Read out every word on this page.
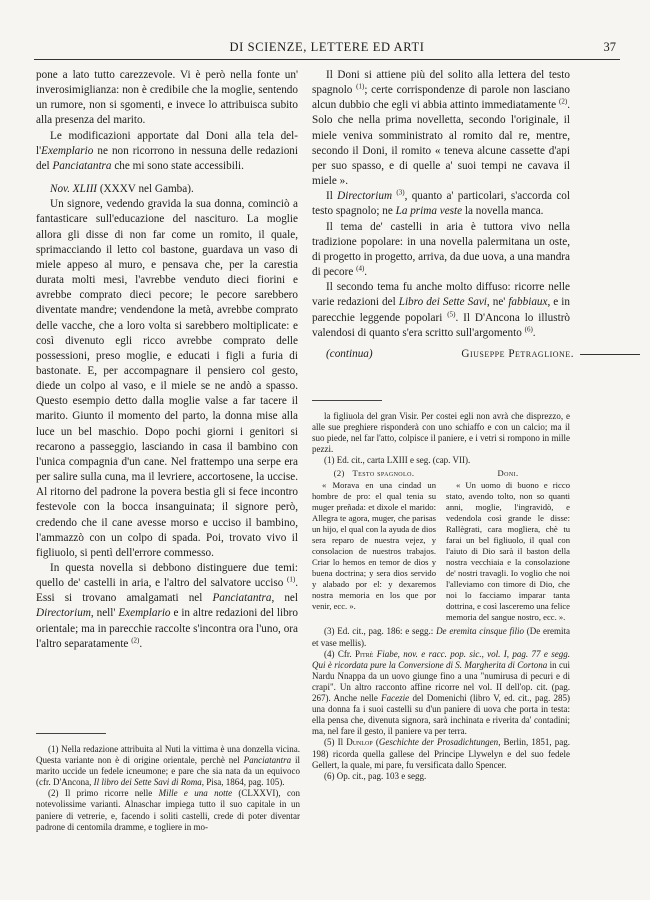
DI SCIENZE, LETTERE ED ARTI	37

pone a lato tutto carezzevole. Vi è però nella fonte un' inverosimiglianza: non è credibile che la moglie, sentendo un rumore, non si sgomenti, e invece lo attribuisca subito alla presenza del marito.

Le modificazioni apportate dal Doni alla tela del-l'Exemplario ne non ricorrono in nessuna delle redazioni del Panciatantra che mi sono state accessibili.

Nov. XLIII (XXXV nel Gamba).

Un signore, vedendo gravida la sua donna, cominciò a fantasticare sull'educazione del nascituro. La moglie allora gli disse di non far come un romito, il quale, sprimacciando il letto col bastone, guardava un vaso di miele appeso al muro, e pensava che, per la carestia durata molti mesi, l'avrebbe venduto dieci fiorini e avrebbe comprato dieci pecore; le pecore sarebbero diventate mandre; vendendone la metà, avrebbe comprato delle vacche, che a loro volta si sarebbero moltiplicate: e così divenuto egli ricco avrebbe comprato delle possessioni, preso moglie, e educati i figli a furia di bastonate. E, per accompagnare il pensiero col gesto, diede un colpo al vaso, e il miele se ne andò a spasso. Questo esempio detto dalla moglie valse a far tacere il marito. Giunto il momento del parto, la donna mise alla luce un bel maschio. Dopo pochi giorni i genitori si recarono a passeggio, lasciando in casa il bambino con l'unica compagnia d'un cane. Nel frattempo una serpe era per salire sulla cuna, ma il levriere, accortosene, la uccise. Al ritorno del padrone la povera bestia gli si fece incontro festevole con la bocca insanguinata; il signore però, credendo che il cane avesse morso e ucciso il bambino, l'ammazzò con un colpo di spada. Poi, trovato vivo il figliuolo, si pentì dell'errore commesso.

In questa novella si debbono distinguere due temi: quello de' castelli in aria, e l'altro del salvatore ucciso $^{(1)}$. Essi si trovano amalgamati nel Panciatantra, nel Directorium, nell' Exemplario e in altre redazioni del libro orientale; ma in parecchie raccolte s'incontra ora l'uno, ora l'altro separatamente $^{(2)}$.

(1) Nella redazione attribuita al Nuti la vittima è una donzella vicina. Questa variante non è di origine orientale, perchè nel Panciatantra il marito uccide un fedele icneumone; e pare che sia nata da un equivoco (cfr. D'Ancona, Il libro dei Sette Savi di Roma, Pisa, 1864, pag. 105).

(2) Il primo ricorre nelle Mille e una notte (CLXXVI), con notevolissime varianti. Alnaschar impiega tutto il suo capitale in un paniere di vetrerie, e, facendo i soliti castelli, crede di poter diventar padrone di centomila dramme, e togliere in mo-

Il Doni si attiene più del solito alla lettera del testo spagnolo $^{(1)}$; certe corrispondenze di parole non lasciano alcun dubbio che egli vi abbia attinto immediatamente $^{(2)}$. Solo che nella prima novelletta, secondo l'originale, il miele veniva somministrato al romito dal re, mentre, secondo il Doni, il romito « teneva alcune cassette d'api per suo spasso, e di quelle a' suoi tempi ne cavava il miele ».

Il Directorium $^{(3)}$, quanto a' particolari, s'accorda col testo spagnolo; ne La prima veste la novella manca.

Il tema de' castelli in aria è tuttora vivo nella tradizione popolare: in una novella palermitana un oste, di progetto in progetto, arriva, da due uova, a una mandra di pecore $^{(4)}$.

Il secondo tema fu anche molto diffuso: ricorre nelle varie redazioni del Libro dei Sette Savi, ne' fabbiaux, e in parecchie leggende popolari $^{(5)}$. Il D'Ancona lo illustrò valendosi di quanto s'era scritto sull'argomento $^{(6)}$.

(continua)	Giuseppe Petraglione.

la figliuola del gran Visir. Per costei egli non avrà che disprezzo, e alle sue preghiere risponderà con uno schiaffo e con un calcio; ma il suo piede, nel far l'atto, colpisce il paniere, e i vetri si rompono in mille pezzi.

(1) Ed. cit., carta LXIII e seg. (cap. VII).

(2) Testo spagnolo.

« Morava en una cindad un hombre de pro: el qual tenia su muger preñada: et dixole el marido: Allegra te agora, muger, che parisas un hijo, el qual con la ayuda de dios sera reparo de nuestra vejez, y consolacion de nuestros trabajos. Criar lo hemos en temor de dios y buena doctrina; y sera dios servido y alabado por el: y dexaremos nostra memoria en los que por venir, ecc. ».

Doni.

« Un uomo di buono e ricco stato, avendo tolto, non so quanti anni, moglie, l'ingravidò, e vedendola così grande le disse: Rallègrati, cara mogliera, chè tu farai un bel figliuolo, il qual con l'aiuto di Dio sarà il baston della nostra vecchiaia e la consolazione de' nostri travagli. Io voglio che noi l'alleviamo con timore di Dio, che noi lo facciamo imparar tanta dottrina, e così lasceremo una felice memoria del sangue nostro, ecc. ».

(3) Ed. cit., pag. 186: e segg.: De eremita cinsque filio (De eremita et vase mellis).

(4) Cfr. Pitrè Fiabe, nov. e racc. pop. sic., vol. I, pag. 77 e segg. Qui è ricordata pure la Conversione di S. Margherita di Cortona in cui Nardu Nnappa da un uovo giunge fino a una "numirusa di pecuri e di crapi". Un altro racconto affine ricorre nel vol. II dell'op. cit. (pag. 267). Anche nelle Facezie del Domenichi (libro V, ed. cit., pag. 285) una donna fa i suoi castelli su d'un paniere di uova che porta in testa: ella pensa che, divenuta signora, sarà inchinata e riverita da' contadini; ma, nel fare il gesto, il paniere va per terra.

(5) Il Dunlop (Geschichte der Prosadichtungen, Berlin, 1851, pag. 198) ricorda quella gallese del Principe Llywelyn e del suo fedele Gellert, la quale, mi pare, fu versificata dallo Spencer.

(6) Op. cit., pag. 103 e segg.
